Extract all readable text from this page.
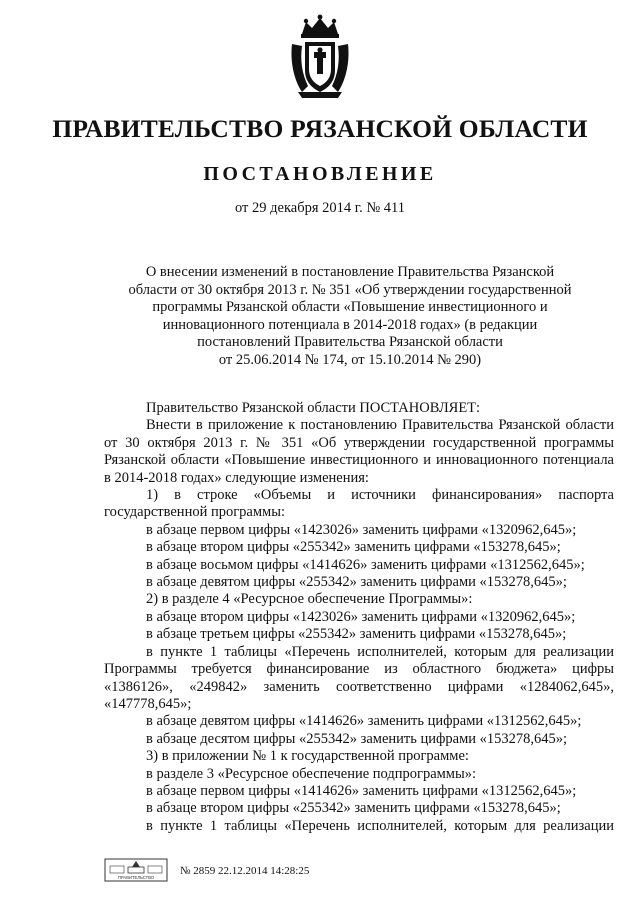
ПРАВИТЕЛЬСТВО РЯЗАНСКОЙ ОБЛАСТИ
ПОСТАНОВЛЕНИЕ
от 29 декабря 2014 г. № 411
О внесении изменений в постановление Правительства Рязанской
области от 30 октября 2013 г. № 351 «Об утверждении государственной
программы Рязанской области «Повышение инвестиционного и
инновационного потенциала в 2014-2018 годах» (в редакции
постановлений Правительства Рязанской области
от 25.06.2014 № 174, от 15.10.2014 № 290)
Правительство Рязанской области ПОСТАНОВЛЯЕТ:
Внести в приложение к постановлению Правительства Рязанской области от 30 октября 2013 г. № 351 «Об утверждении государственной программы Рязанской области «Повышение инвестиционного и инновационного потенциала в 2014-2018 годах» следующие изменения:
1) в строке «Объемы и источники финансирования» паспорта государственной программы:
в абзаце первом цифры «1423026» заменить цифрами «1320962,645»;
в абзаце втором цифры «255342» заменить цифрами «153278,645»;
в абзаце восьмом цифры «1414626» заменить цифрами «1312562,645»;
в абзаце девятом цифры «255342» заменить цифрами «153278,645»;
2) в разделе 4 «Ресурсное обеспечение Программы»:
в абзаце втором цифры «1423026» заменить цифрами «1320962,645»;
в абзаце третьем цифры «255342» заменить цифрами «153278,645»;
в пункте 1 таблицы «Перечень исполнителей, которым для реализации Программы требуется финансирование из областного бюджета» цифры «1386126», «249842» заменить соответственно цифрами «1284062,645», «147778,645»;
в абзаце девятом цифры «1414626» заменить цифрами «1312562,645»;
в абзаце десятом цифры «255342» заменить цифрами «153278,645»;
3) в приложении № 1 к государственной программе:
в разделе 3 «Ресурсное обеспечение подпрограммы»:
в абзаце первом цифры «1414626» заменить цифрами «1312562,645»;
в абзаце втором цифры «255342» заменить цифрами «153278,645»;
в пункте 1 таблицы «Перечень исполнителей, которым для реализации
ПРАВИТЕЛЬСТВО
№ 2859 22.12.2014 14:28:25
